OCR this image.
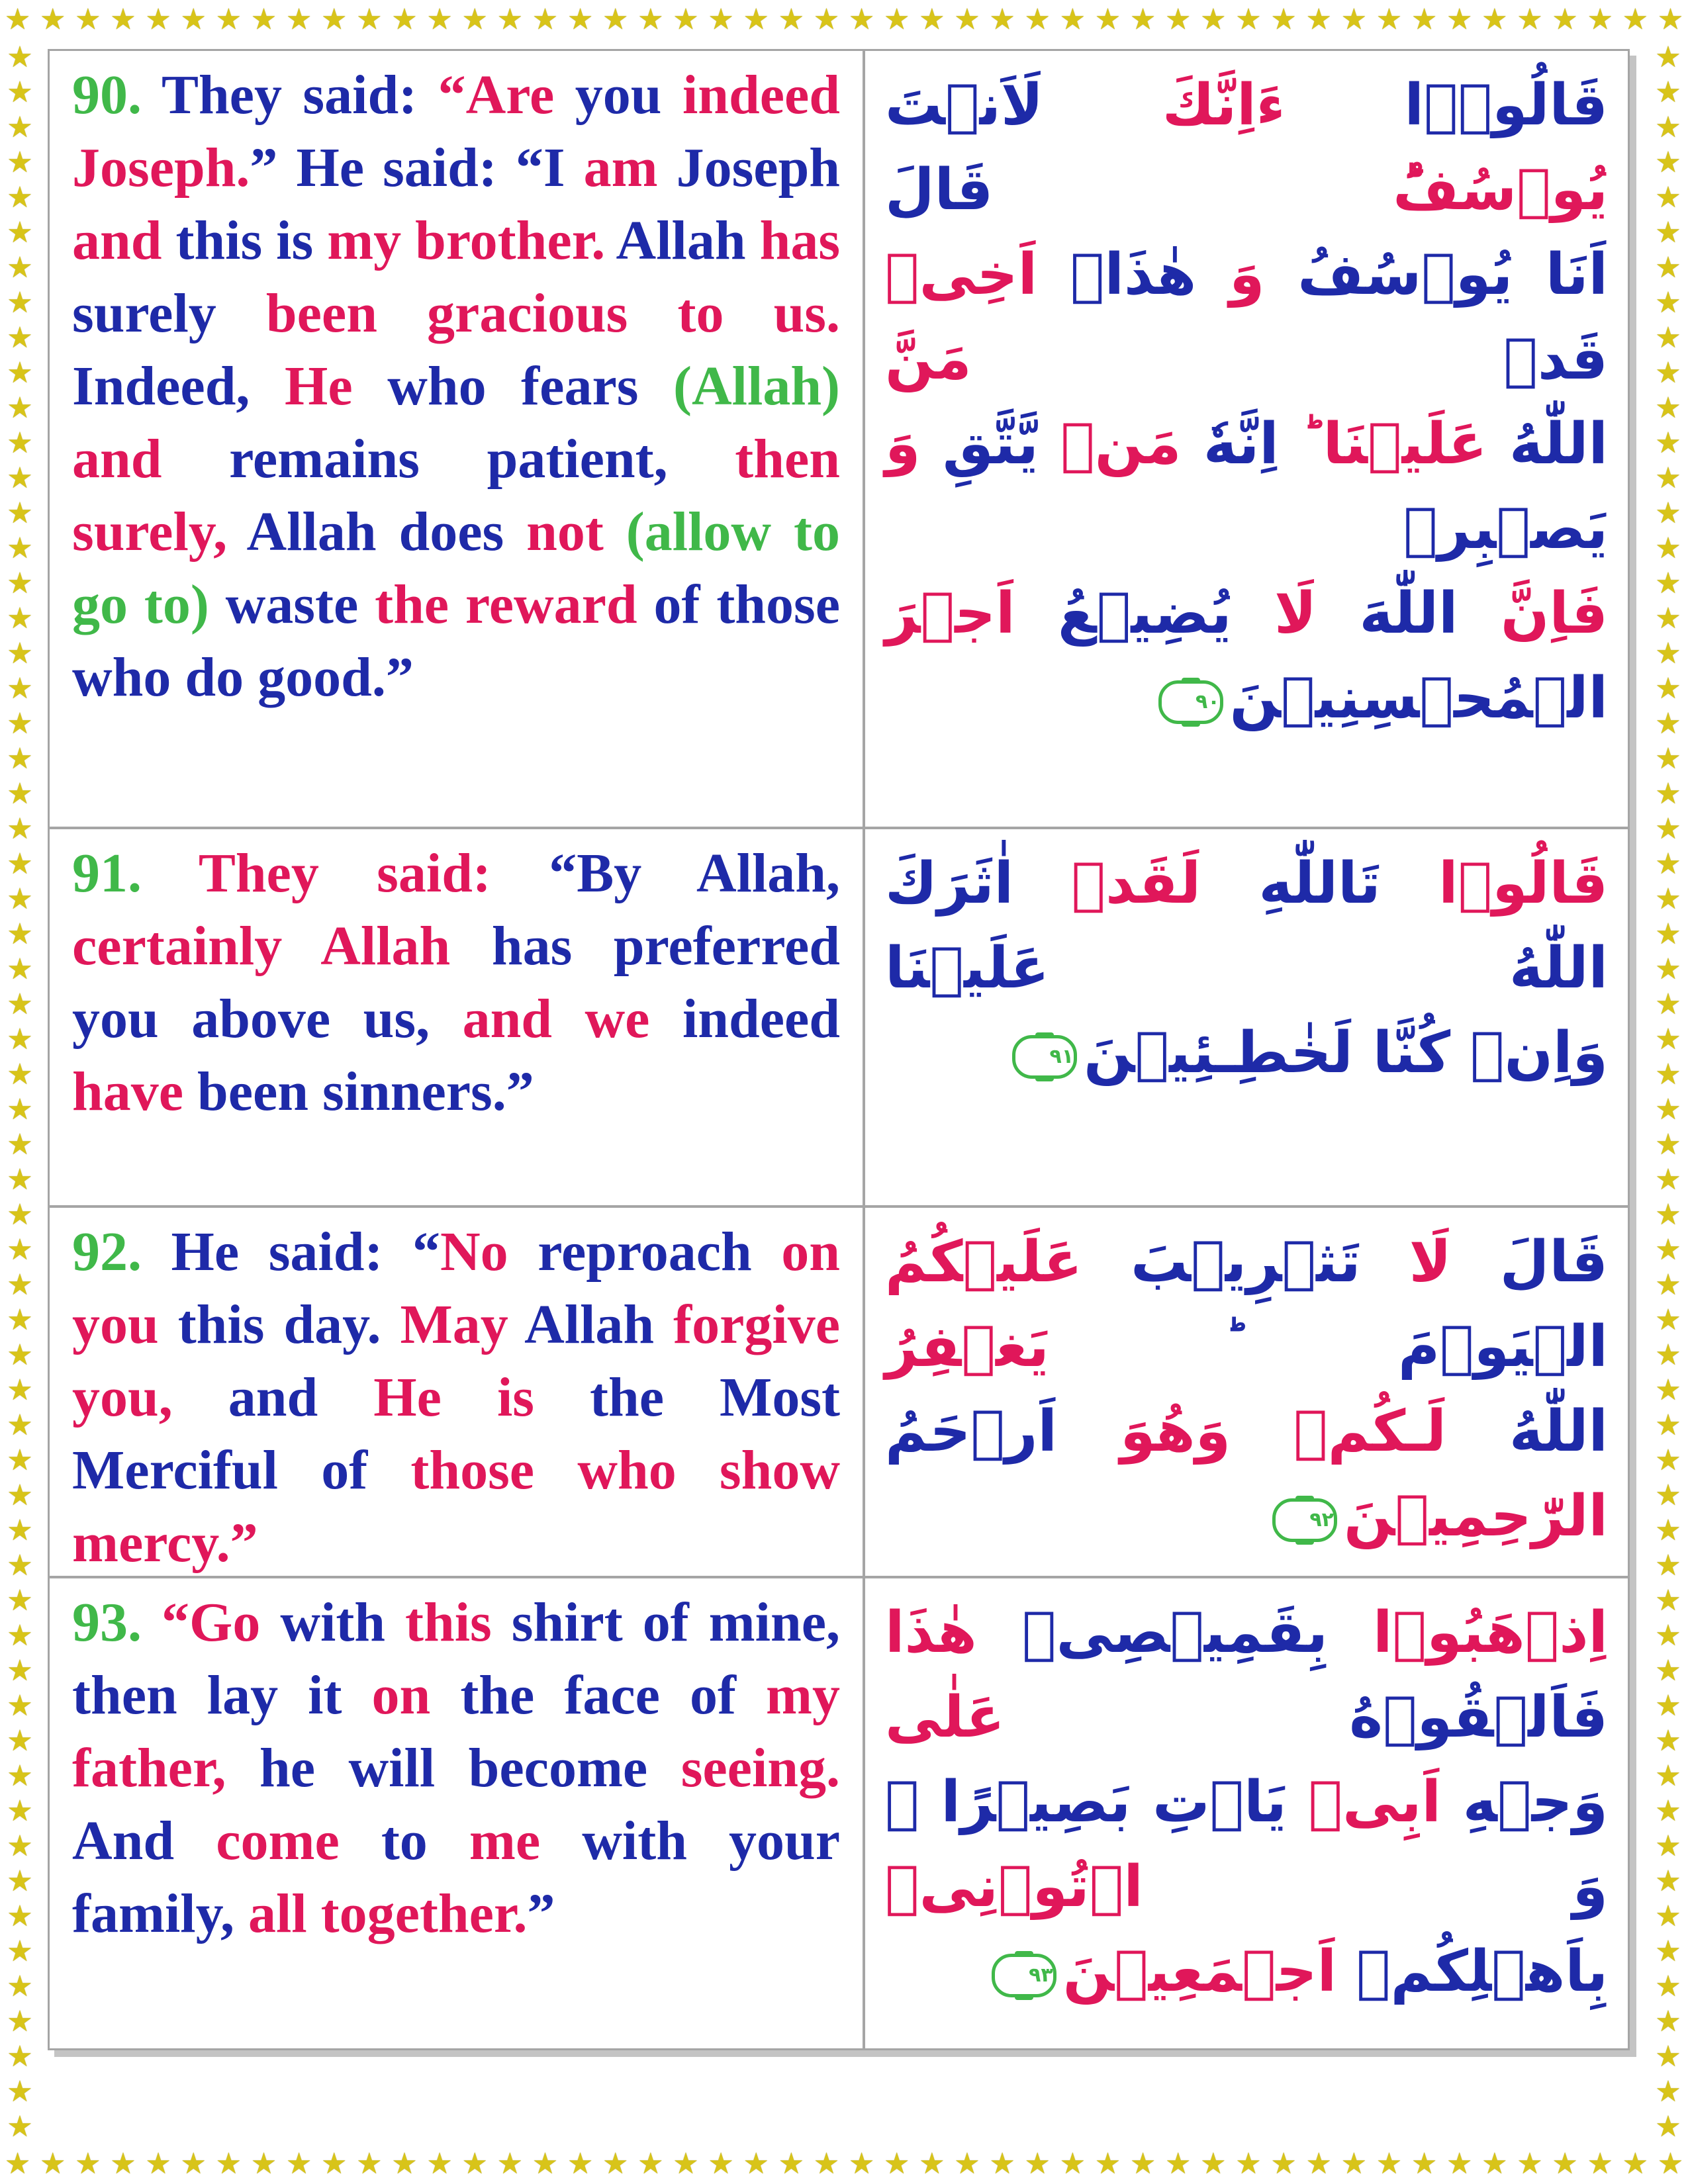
★ ★ ★ ★ ★ ★ ★ ★ ★ ★ ★ ★ ★ ★ ★ ★ ★ ★ ★ ★ ★ ★ ★ ★ ★ ★ ★ ★ ★ ★ ★ ★ ★ ★ ★ ★ ★ ★ ★ ★ ★ ★ ★ ★ ★ ★ ★ ★
★ ★ ★ ★ ★ ★ ★ ★ ★ ★ ★ ★ ★ ★ ★ ★ ★ ★ ★ ★ ★ ★ ★ ★ ★ ★ ★ ★ ★ ★ ★ ★ ★ ★ ★ ★ ★ ★ ★ ★ ★ ★ ★ ★ ★ ★ ★ ★
★
★
★
★
★
★
★
★
★
★
★
★
★
★
★
★
★
★
★
★
★
★
★
★
★
★
★
★
★
★
★
★
★
★
★
★
★
★
★
★
★
★
★
★
★
★
★
★
★
★
★
★
★
★
★
★
★
★
★
★
★
★
★
★
★
★
★
★
★
★
★
★
★
★
★
★
★
★
★
★
★
★
★
★
★
★
★
★
★
★
★
★
★
★
★
★
★
★
★
★
★
★
★
★
★
★
★
★
★
★
★
★
★
★
★
★
★
★
★
★
90. They said: “Are you indeed Joseph.” He said: “I am Joseph and this is my brother. Allah has surely been gracious to us. Indeed, He who fears (Allah) and remains patient, then surely, Allah does not (allow to go to) waste the reward of those who do good.”
قَالُوۡۤا ءَاِنَّكَ لَاَنۡتَ يُوۡسُفُ‌ؕ قَالَ
اَنَا يُوۡسُفُ وَ هٰذَاۤ اَخِىۡ‌ قَدۡ مَنَّ
اللّٰهُ عَلَيۡنَا‌ ؕ اِنَّهٗ مَنۡ يَّتَّقِ وَ يَصۡبِرۡ
فَاِنَّ اللّٰهَ لَا يُضِيۡعُ اَجۡرَ
الۡمُحۡسِنِيۡنَ٩٠
91. They said: “By Allah, certainly Allah has preferred you above us, and we indeed have been sinners.”
قَالُوۡا تَاللّٰهِ لَقَدۡ اٰثَرَكَ اللّٰهُ عَلَيۡنَا
وَاِنۡ كُنَّا لَخٰطِـئِيۡنَ٩١
92. He said: “No reproach on you this day. May Allah forgive you, and He is the Most Merciful of those who show mercy.”
قَالَ لَا تَثۡرِيۡبَ عَلَيۡكُمُ الۡيَوۡمَ‌ ؕ يَغۡفِرُ
اللّٰهُ لَـكُمۡ‌ وَهُوَ اَرۡحَمُ الرّٰحِمِيۡنَ٩٢
93. “Go with this shirt of mine, then lay it on the face of my father, he will become seeing. And come to me with your family, all together.”
اِذۡهَبُوۡا بِقَمِيۡصِىۡ هٰذَا فَاَلۡقُوۡهُ عَلٰى
وَجۡهِ اَبِىۡ يَاۡتِ بَصِيۡرًا‌ ۚ وَ اۡتُوۡنِىۡ
بِاَهۡلِكُمۡ اَجۡمَعِيۡنَ٩٣
